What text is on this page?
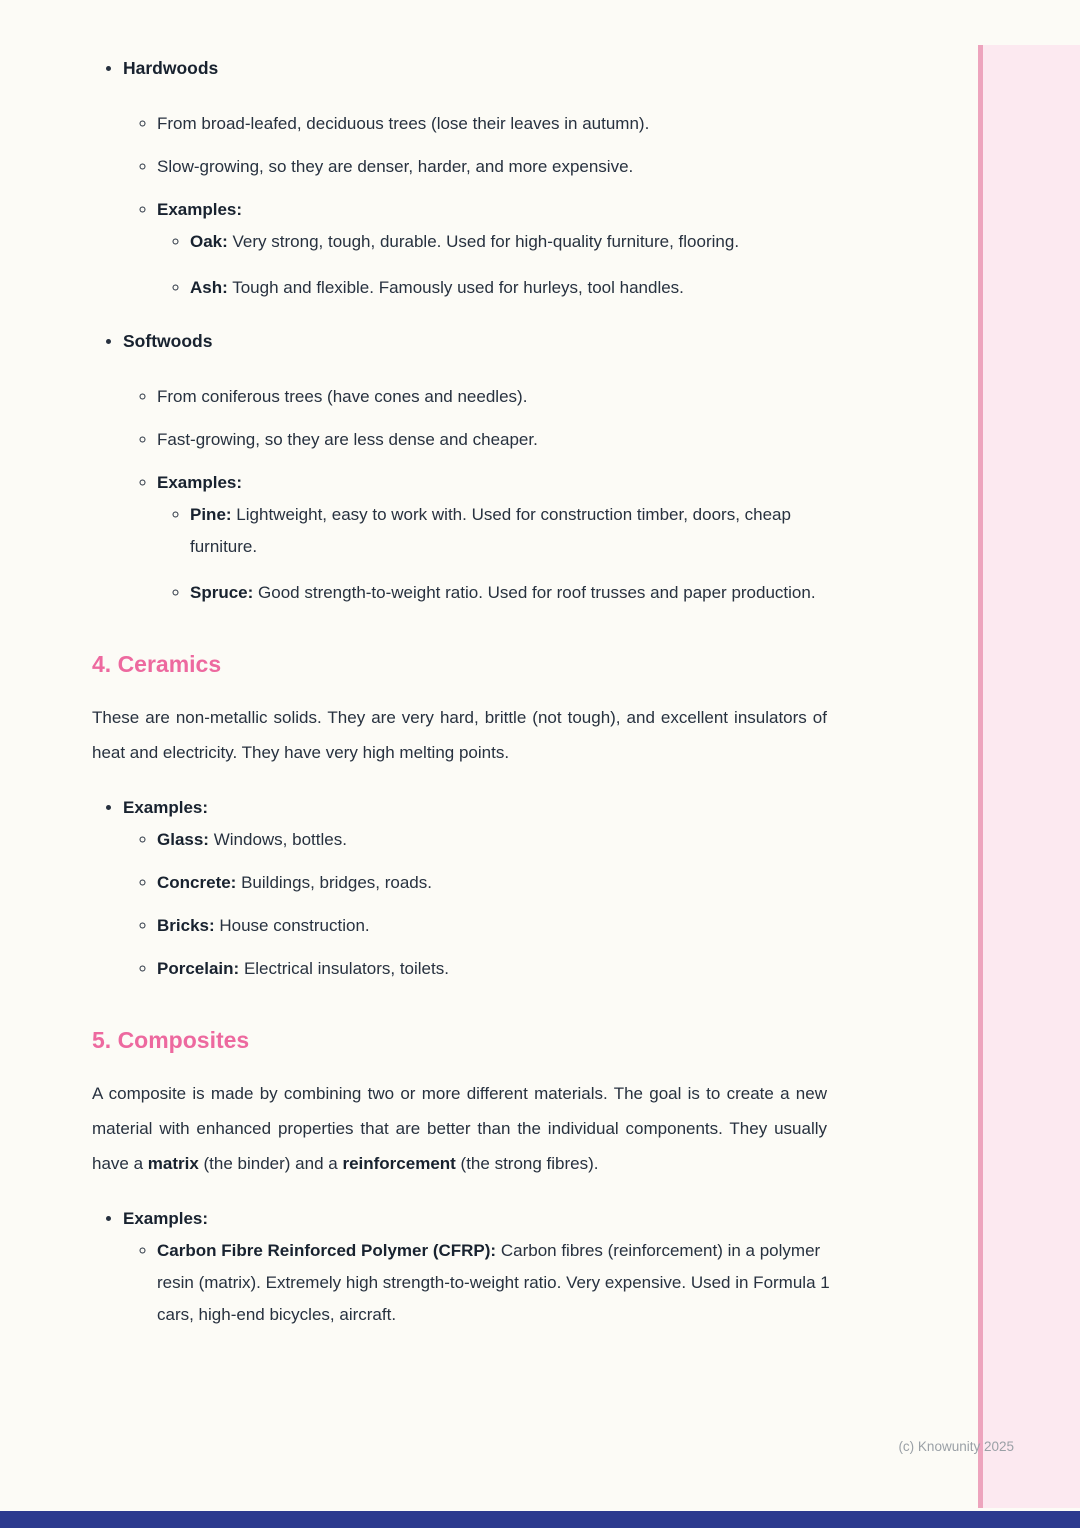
• Hardwoods
◦ From broad-leafed, deciduous trees (lose their leaves in autumn).
◦ Slow-growing, so they are denser, harder, and more expensive.
◦ Examples:
◦ Oak: Very strong, tough, durable. Used for high-quality furniture, flooring.
◦ Ash: Tough and flexible. Famously used for hurleys, tool handles.
• Softwoods
◦ From coniferous trees (have cones and needles).
◦ Fast-growing, so they are less dense and cheaper.
◦ Examples:
◦ Pine: Lightweight, easy to work with. Used for construction timber, doors, cheap furniture.
◦ Spruce: Good strength-to-weight ratio. Used for roof trusses and paper production.
4. Ceramics

These are non-metallic solids. They are very hard, brittle (not tough), and excellent insulators of heat and electricity. They have very high melting points.

• Examples:
◦ Glass: Windows, bottles.
◦ Concrete: Buildings, bridges, roads.
◦ Bricks: House construction.
◦ Porcelain: Electrical insulators, toilets.
5. Composites

A composite is made by combining two or more different materials. The goal is to create a new material with enhanced properties that are better than the individual components. They usually have a matrix (the binder) and a reinforcement (the strong fibres).

• Examples:
◦ Carbon Fibre Reinforced Polymer (CFRP): Carbon fibres (reinforcement) in a polymer resin (matrix). Extremely high strength-to-weight ratio. Very expensive. Used in Formula 1 cars, high-end bicycles, aircraft.
(c) Knowunity 2025
